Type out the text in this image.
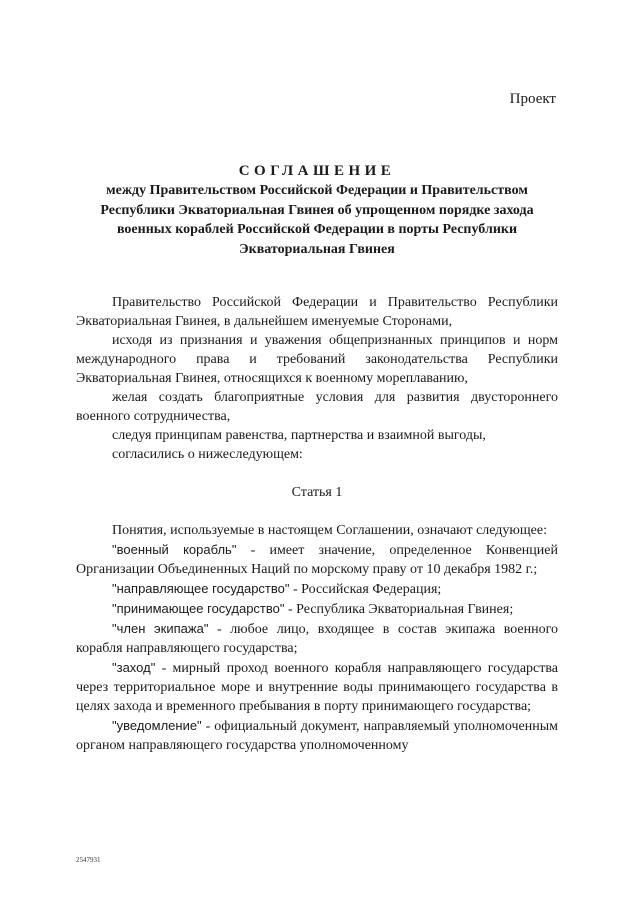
Проект
СОГЛАШЕНИЕ
между Правительством Российской Федерации и Правительством Республики Экваториальная Гвинея об упрощенном порядке захода военных кораблей Российской Федерации в порты Республики Экваториальная Гвинея

Правительство Российской Федерации и Правительство Республики Экваториальная Гвинея, в дальнейшем именуемые Сторонами,

исходя из признания и уважения общепризнанных принципов и норм международного права и требований законодательства Республики Экваториальная Гвинея, относящихся к военному мореплаванию,

желая создать благоприятные условия для развития двустороннего военного сотрудничества,

следуя принципам равенства, партнерства и взаимной выгоды,

согласились о нижеследующем:

Статья 1

Понятия, используемые в настоящем Соглашении, означают следующее:

"военный корабль" - имеет значение, определенное Конвенцией Организации Объединенных Наций по морскому праву от 10 декабря 1982 г.;

"направляющее государство" - Российская Федерация;

"принимающее государство" - Республика Экваториальная Гвинея;

"член экипажа" - любое лицо, входящее в состав экипажа военного корабля направляющего государства;

"заход" - мирный проход военного корабля направляющего государства через территориальное море и внутренние воды принимающего государства в целях захода и временного пребывания в порту принимающего государства;

"уведомление" - официальный документ, направляемый уполномоченным органом направляющего государства уполномоченному

2547931
